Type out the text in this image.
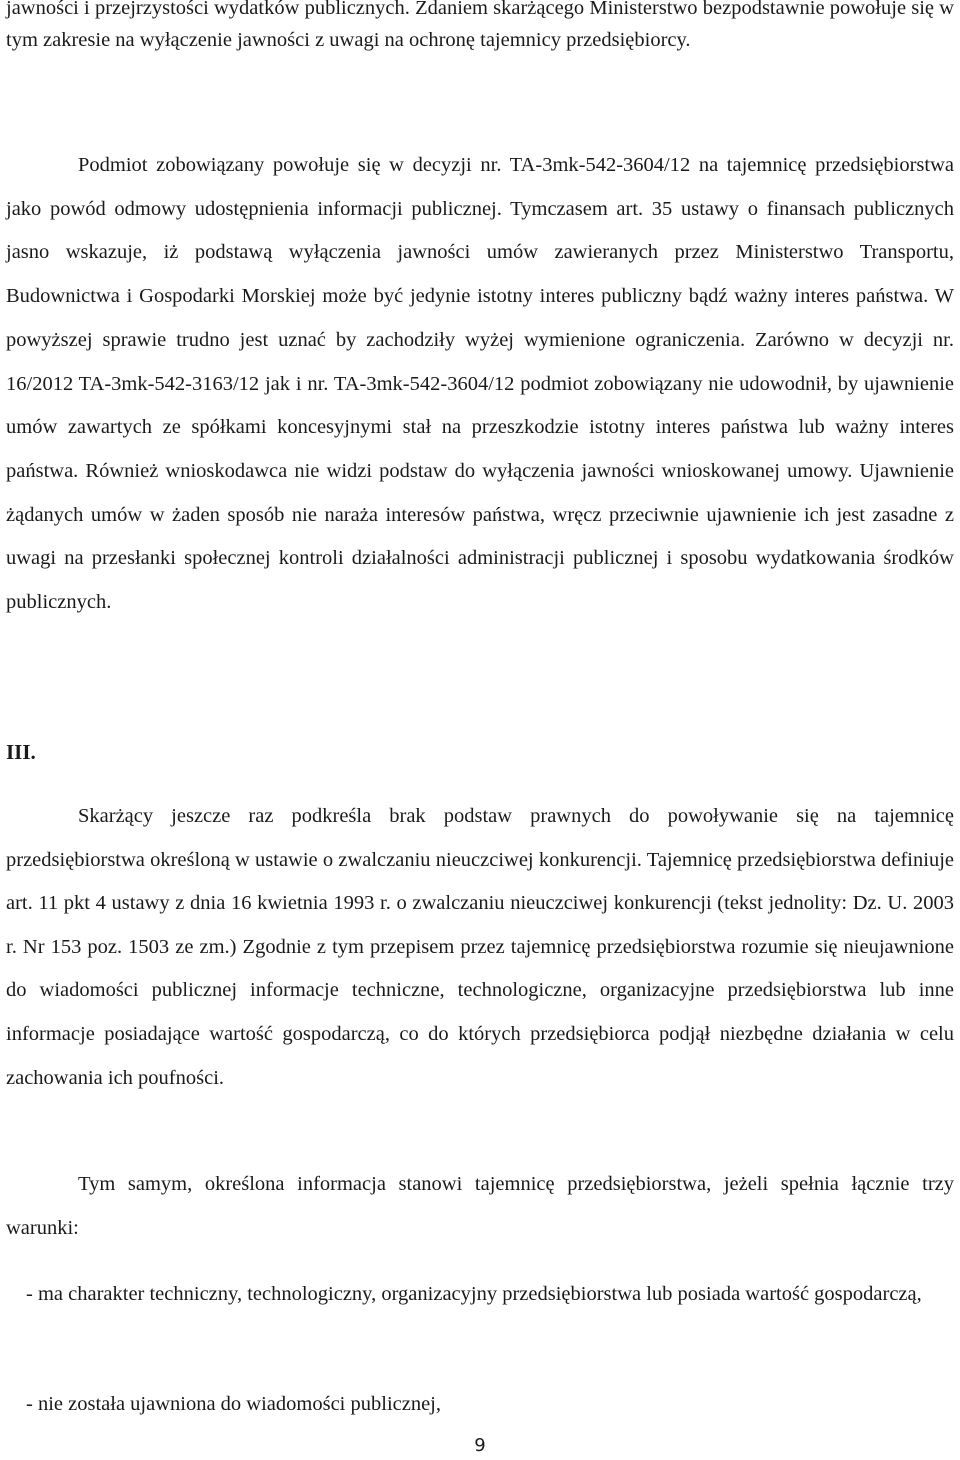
jawności i przejrzystości wydatków publicznych. Zdaniem skarżącego Ministerstwo bezpodstawnie powołuje się w tym zakresie na wyłączenie jawności z uwagi na ochronę tajemnicy przedsiębiorcy.

Podmiot zobowiązany powołuje się w decyzji nr. TA-3mk-542-3604/12 na tajemnicę przedsiębiorstwa jako powód odmowy udostępnienia informacji publicznej. Tymczasem art. 35 ustawy o finansach publicznych jasno wskazuje, iż podstawą wyłączenia jawności umów zawieranych przez Ministerstwo Transportu, Budownictwa i Gospodarki Morskiej może być jedynie istotny interes publiczny bądź ważny interes państwa. W powyższej sprawie trudno jest uznać by zachodziły wyżej wymienione ograniczenia. Zarówno w decyzji nr. 16/2012 TA-3mk-542-3163/12 jak i nr. TA-3mk-542-3604/12 podmiot zobowiązany nie udowodnił, by ujawnienie umów zawartych ze spółkami koncesyjnymi stał na przeszkodzie istotny interes państwa lub ważny interes państwa. Również wnioskodawca nie widzi podstaw do wyłączenia jawności wnioskowanej umowy. Ujawnienie żądanych umów w żaden sposób nie naraża interesów państwa, wręcz przeciwnie ujawnienie ich jest zasadne z uwagi na przesłanki społecznej kontroli działalności administracji publicznej i sposobu wydatkowania środków publicznych.

III.

Skarżący jeszcze raz podkreśla brak podstaw prawnych do powoływanie się na tajemnicę przedsiębiorstwa określoną w ustawie o zwalczaniu nieuczciwej konkurencji. Tajemnicę przedsiębiorstwa definiuje art. 11 pkt 4 ustawy z dnia 16 kwietnia 1993 r. o zwalczaniu nieuczciwej konkurencji (tekst jednolity: Dz. U. 2003 r. Nr 153 poz. 1503 ze zm.) Zgodnie z tym przepisem przez tajemnicę przedsiębiorstwa rozumie się nieujawnione do wiadomości publicznej informacje techniczne, technologiczne, organizacyjne przedsiębiorstwa lub inne informacje posiadające wartość gospodarczą, co do których przedsiębiorca podjął niezbędne działania w celu zachowania ich poufności.

Tym samym, określona informacja stanowi tajemnicę przedsiębiorstwa, jeżeli spełnia łącznie trzy warunki:

- ma charakter techniczny, technologiczny, organizacyjny przedsiębiorstwa lub posiada wartość gospodarczą,

- nie została ujawniona do wiadomości publicznej,

9
